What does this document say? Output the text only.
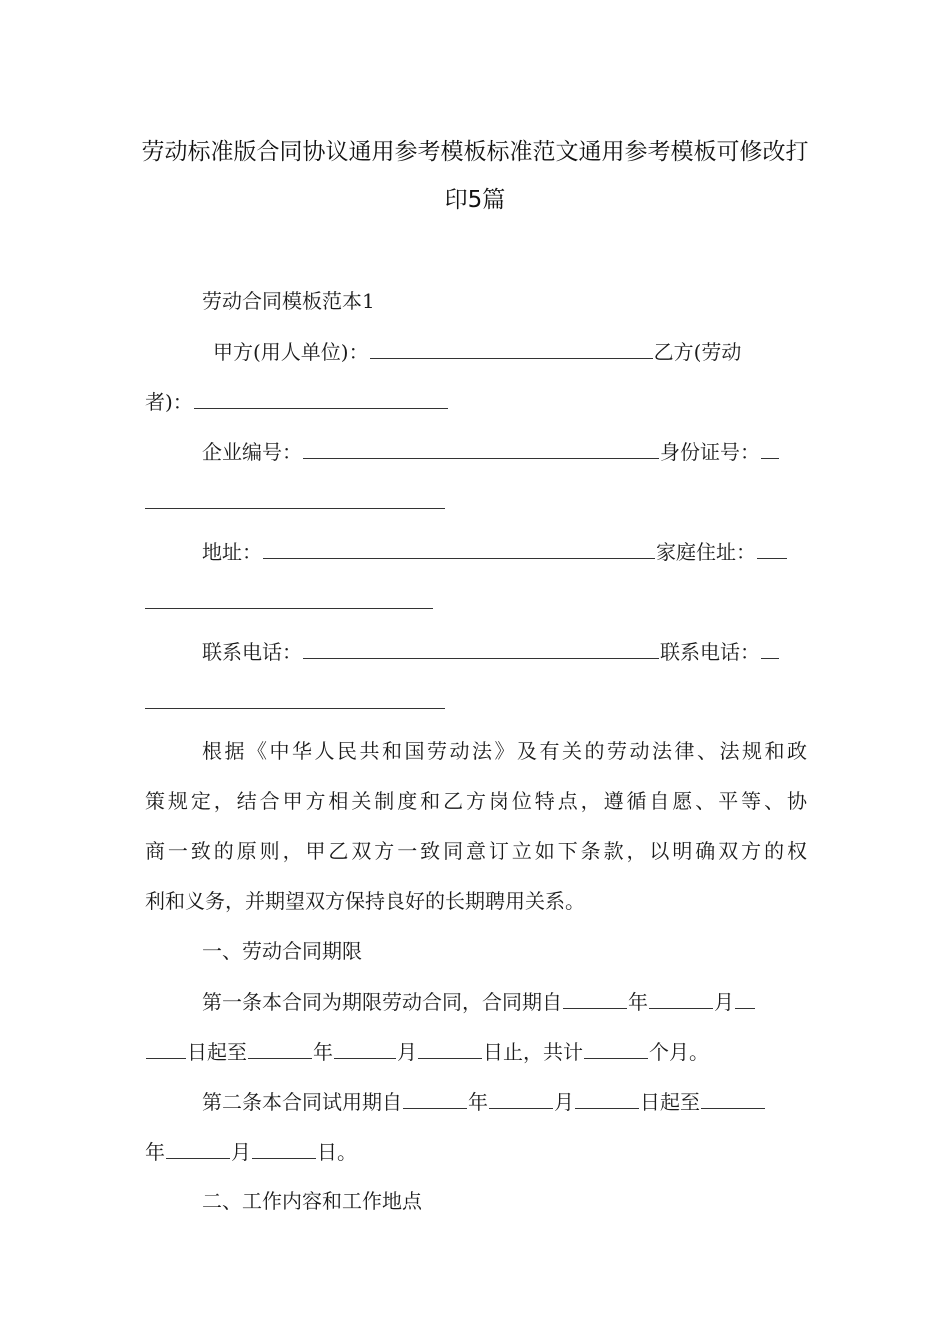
劳动标准版合同协议通用参考模板标准范文通用参考模板可修改打
印5篇
劳动合同模板范本1
甲方(用人单位)：	乙方(劳动
者)：
企业编号：	身份证号：
地址：	家庭住址：
联系电话：	联系电话：
根据《中华人民共和国劳动法》及有关的劳动法律、法规和政
策规定，结合甲方相关制度和乙方岗位特点，遵循自愿、平等、协
商一致的原则，甲乙双方一致同意订立如下条款，以明确双方的权
利和义务，并期望双方保持良好的长期聘用关系。
一、劳动合同期限
第一条本合同为期限劳动合同，合同期自	年	月
日起至	年	月	日止，共计	个月。
第二条本合同试用期自	年	月	日起至
年	月	日。
二、工作内容和工作地点
